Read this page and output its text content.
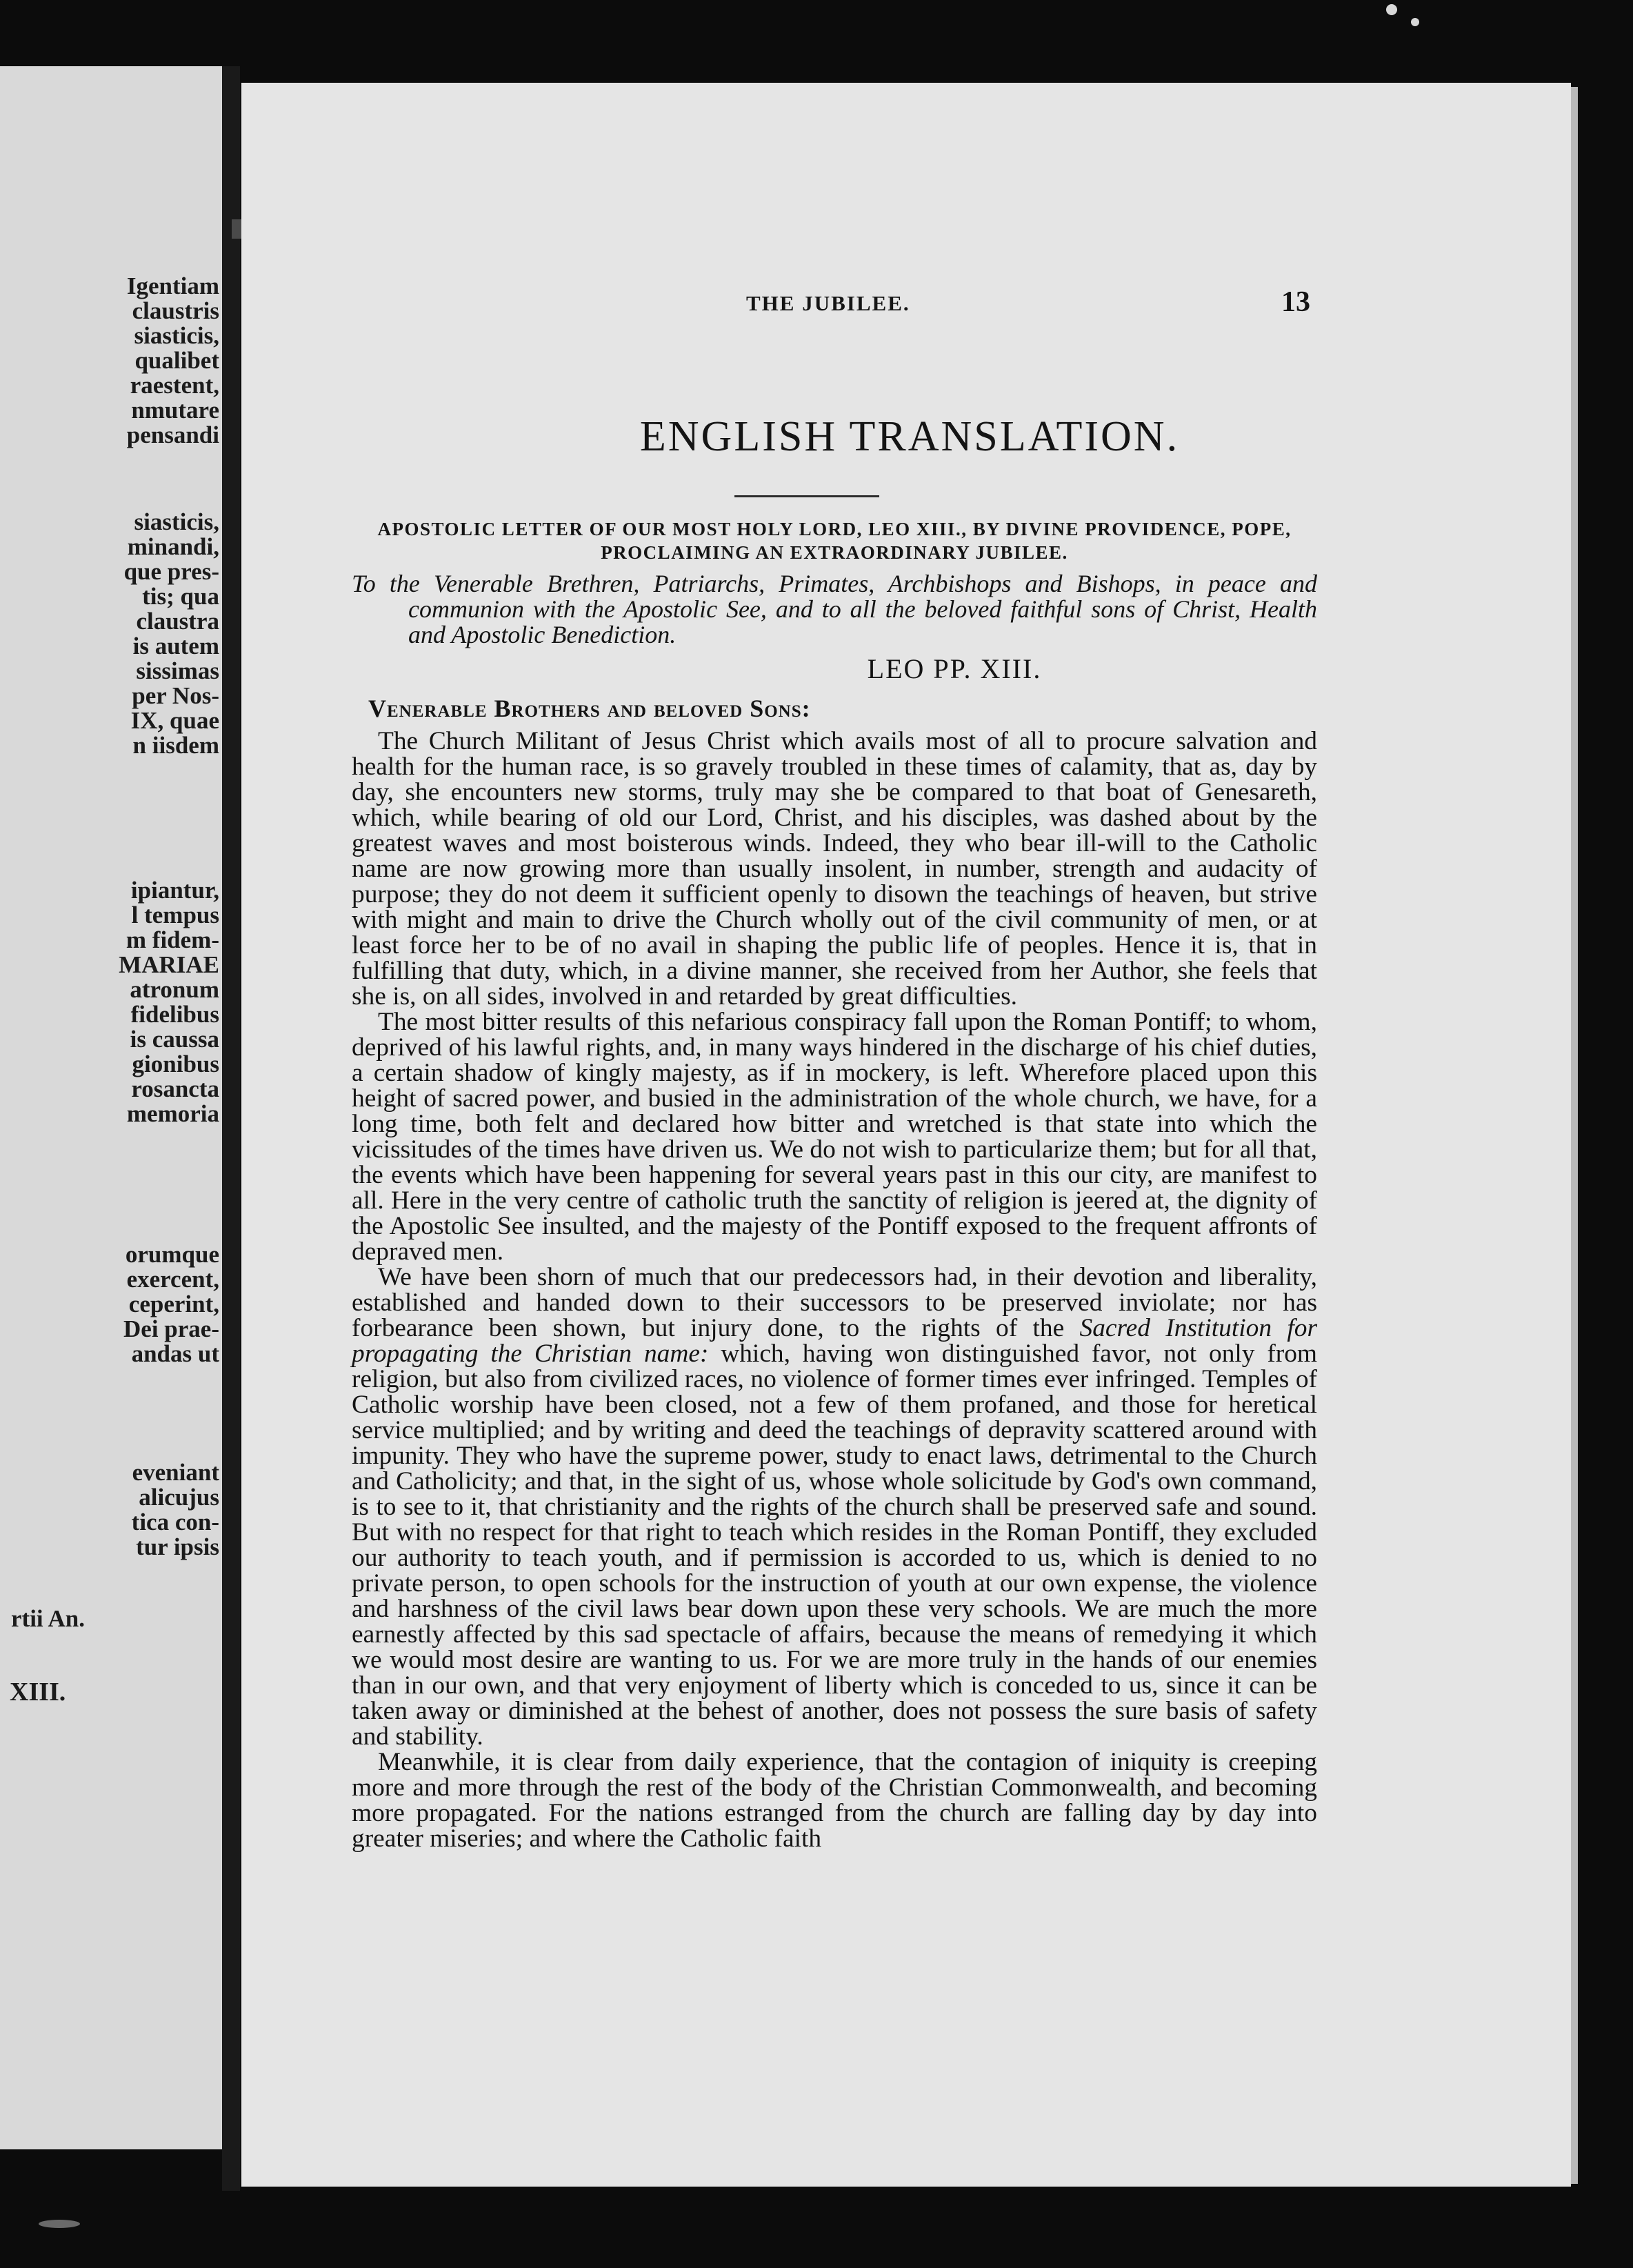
Igentiam
claustris
siasticis,
qualibet
raestent,
nmutare
pensandi
siasticis,
minandi,
que pres-
tis; qua
claustra
is autem
sissimas
per Nos-
IX, quae
n iisdem
ipiantur,
l tempus
m fidem-
MARIAE
atronum
fidelibus
is caussa
gionibus
rosancta
memoria
orumque
exercent,
ceperint,
Dei prae-
andas ut
eveniant
alicujus
tica con-
tur ipsis
rtii An.
XIII.
THE JUBILEE.	13
ENGLISH TRANSLATION.
APOSTOLIC LETTER OF OUR MOST HOLY LORD, LEO XIII., BY DIVINE PROVIDENCE, POPE, PROCLAIMING AN EXTRAORDINARY JUBILEE.
To the Venerable Brethren, Patriarchs, Primates, Archbishops and Bishops, in peace and communion with the Apostolic See, and to all the beloved faithful sons of Christ, Health and Apostolic Benediction.
LEO PP. XIII.
Venerable Brothers and beloved Sons:

The Church Militant of Jesus Christ which avails most of all to procure salvation and health for the human race, is so gravely troubled in these times of calamity, that as, day by day, she encounters new storms, truly may she be compared to that boat of Genesareth, which, while bearing of old our Lord, Christ, and his disciples, was dashed about by the greatest waves and most boisterous winds. Indeed, they who bear ill-will to the Catholic name are now growing more than usually insolent, in number, strength and audacity of purpose; they do not deem it sufficient openly to disown the teachings of heaven, but strive with might and main to drive the Church wholly out of the civil community of men, or at least force her to be of no avail in shaping the public life of peoples. Hence it is, that in fulfilling that duty, which, in a divine manner, she received from her Author, she feels that she is, on all sides, involved in and retarded by great difficulties.

The most bitter results of this nefarious conspiracy fall upon the Roman Pontiff; to whom, deprived of his lawful rights, and, in many ways hindered in the discharge of his chief duties, a certain shadow of kingly majesty, as if in mockery, is left. Wherefore placed upon this height of sacred power, and busied in the administration of the whole church, we have, for a long time, both felt and declared how bitter and wretched is that state into which the vicissitudes of the times have driven us. We do not wish to particularize them; but for all that, the events which have been happening for several years past in this our city, are manifest to all. Here in the very centre of catholic truth the sanctity of religion is jeered at, the dignity of the Apostolic See insulted, and the majesty of the Pontiff exposed to the frequent affronts of depraved men.

We have been shorn of much that our predecessors had, in their devotion and liberality, established and handed down to their successors to be preserved inviolate; nor has forbearance been shown, but injury done, to the rights of the Sacred Institution for propagating the Christian name: which, having won distinguished favor, not only from religion, but also from civilized races, no violence of former times ever infringed. Temples of Catholic worship have been closed, not a few of them profaned, and those for heretical service multiplied; and by writing and deed the teachings of depravity scattered around with impunity. They who have the supreme power, study to enact laws, detrimental to the Church and Catholicity; and that, in the sight of us, whose whole solicitude by God's own command, is to see to it, that christianity and the rights of the church shall be preserved safe and sound. But with no respect for that right to teach which resides in the Roman Pontiff, they excluded our authority to teach youth, and if permission is accorded to us, which is denied to no private person, to open schools for the instruction of youth at our own expense, the violence and harshness of the civil laws bear down upon these very schools. We are much the more earnestly affected by this sad spectacle of affairs, because the means of remedying it which we would most desire are wanting to us. For we are more truly in the hands of our enemies than in our own, and that very enjoyment of liberty which is conceded to us, since it can be taken away or diminished at the behest of another, does not possess the sure basis of safety and stability.

Meanwhile, it is clear from daily experience, that the contagion of iniquity is creeping more and more through the rest of the body of the Christian Commonwealth, and becoming more propagated. For the nations estranged from the church are falling day by day into greater miseries; and where the Catholic faith
